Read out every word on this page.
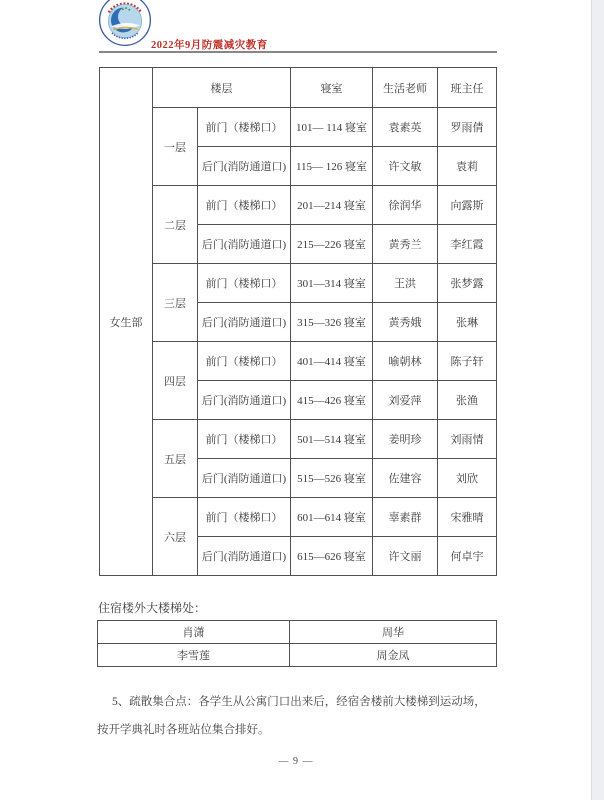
2022年9月防震减灾教育
女生部	楼层		寝室	生活老师	班主任
	一层	前门（楼梯口）	101— 114 寝室	袁素英	罗雨倩
		后门(消防通道口)	115— 126 寝室	许文敏	袁莉
	二层	前门（楼梯口）	201—214 寝室	徐润华	向露斯
		后门(消防通道口)	215—226 寝室	黄秀兰	李红霞
	三层	前门（楼梯口）	301—314 寝室	王洪	张梦露
		后门(消防通道口)	315—326 寝室	黄秀娥	张琳
	四层	前门（楼梯口）	401—414 寝室	喻朝林	陈子轩
		后门(消防通道口)	415—426 寝室	刘爱萍	张渔
	五层	前门（楼梯口）	501—514 寝室	姜明珍	刘雨情
		后门(消防通道口)	515—526 寝室	佐建容	刘欣
	六层	前门（楼梯口）	601—614 寝室	辜素群	宋雅晴
		后门(消防通道口)	615—626 寝室	许文丽	何卓宇
住宿楼外大楼梯处：
肖潇	周华
李雪莲	周金凤
5、疏散集合点：各学生从公寓门口出来后，经宿舍楼前大楼梯到运动场，
按开学典礼时各班站位集合排好。
— 9 —
